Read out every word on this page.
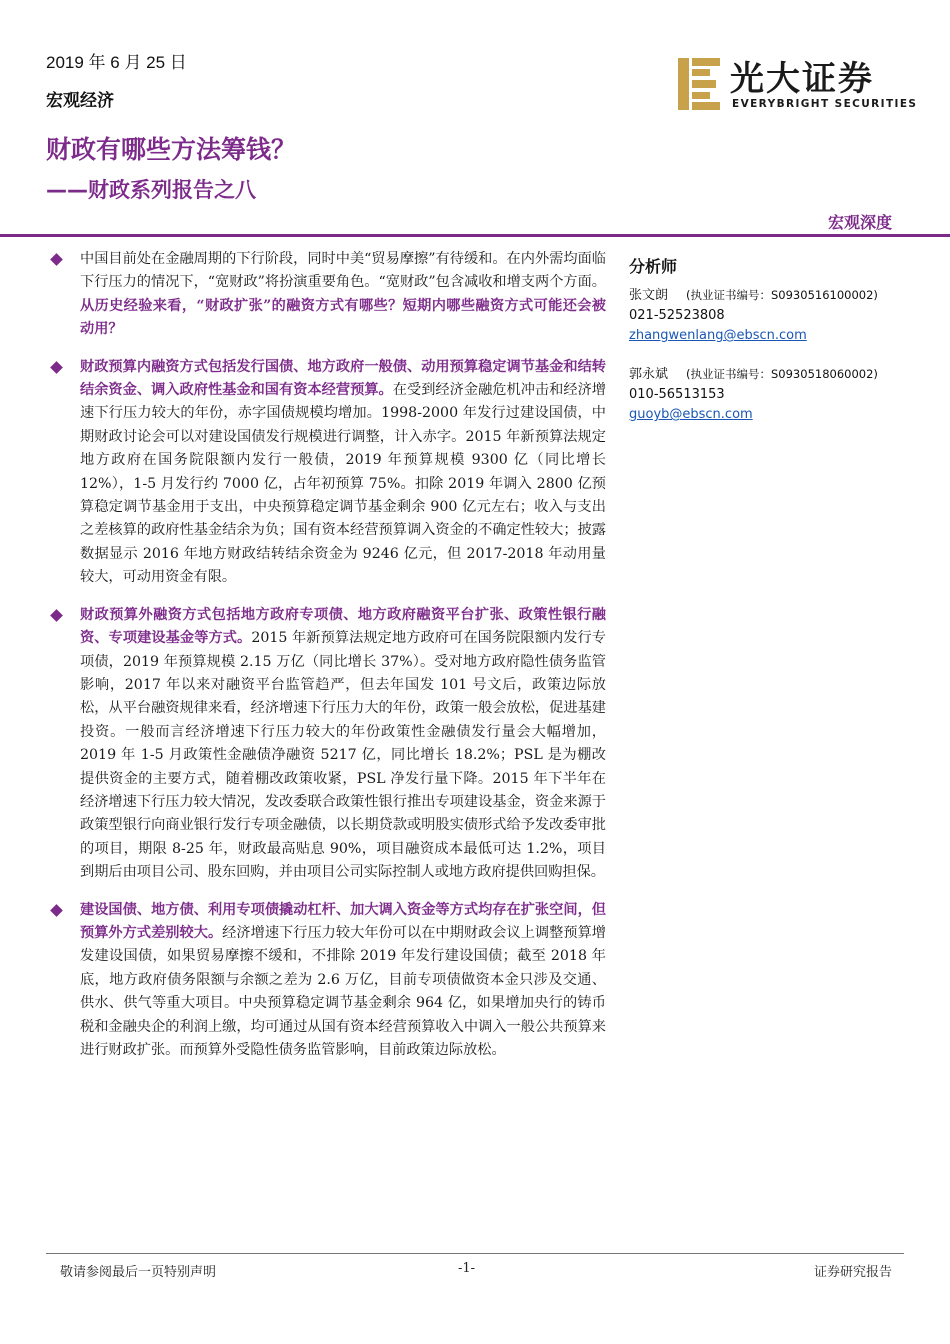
2019 年 6 月 25 日
宏观经济
光大证券
EVERYBRIGHT SECURITIES
财政有哪些方法筹钱？
——财政系列报告之八
宏观深度
中国目前处在金融周期的下行阶段，同时中美“贸易摩擦”有待缓和。在内外需均面临下行压力的情况下，“宽财政”将扮演重要角色。“宽财政”包含减收和增支两个方面。从历史经验来看，“财政扩张”的融资方式有哪些？短期内哪些融资方式可能还会被动用？
财政预算内融资方式包括发行国债、地方政府一般债、动用预算稳定调节基金和结转结余资金、调入政府性基金和国有资本经营预算。在受到经济金融危机冲击和经济增速下行压力较大的年份，赤字国债规模均增加。1998-2000 年发行过建设国债，中期财政讨论会可以对建设国债发行规模进行调整，计入赤字。2015 年新预算法规定地方政府在国务院限额内发行一般债，2019 年预算规模 9300 亿（同比增长 12%），1-5 月发行约 7000 亿，占年初预算 75%。扣除 2019 年调入 2800 亿预算稳定调节基金用于支出，中央预算稳定调节基金剩余 900 亿元左右；收入与支出之差核算的政府性基金结余为负；国有资本经营预算调入资金的不确定性较大；披露数据显示 2016 年地方财政结转结余资金为 9246 亿元，但 2017-2018 年动用量较大，可动用资金有限。
财政预算外融资方式包括地方政府专项债、地方政府融资平台扩张、政策性银行融资、专项建设基金等方式。2015 年新预算法规定地方政府可在国务院限额内发行专项债，2019 年预算规模 2.15 万亿（同比增长 37%）。受对地方政府隐性债务监管影响，2017 年以来对融资平台监管趋严，但去年国发 101 号文后，政策边际放松，从平台融资规律来看，经济增速下行压力大的年份，政策一般会放松，促进基建投资。一般而言经济增速下行压力较大的年份政策性金融债发行量会大幅增加，2019 年 1-5 月政策性金融债净融资 5217 亿，同比增长 18.2%；PSL 是为棚改提供资金的主要方式，随着棚改政策收紧，PSL 净发行量下降。2015 年下半年在经济增速下行压力较大情况，发改委联合政策性银行推出专项建设基金，资金来源于政策型银行向商业银行发行专项金融债，以长期贷款或明股实债形式给予发改委审批的项目，期限 8-25 年，财政最高贴息 90%，项目融资成本最低可达 1.2%，项目到期后由项目公司、股东回购，并由项目公司实际控制人或地方政府提供回购担保。
建设国债、地方债、利用专项债撬动杠杆、加大调入资金等方式均存在扩张空间，但预算外方式差别较大。经济增速下行压力较大年份可以在中期财政会议上调整预算增发建设国债，如果贸易摩擦不缓和，不排除 2019 年发行建设国债；截至 2018 年底，地方政府债务限额与余额之差为 2.6 万亿，目前专项债做资本金只涉及交通、供水、供气等重大项目。中央预算稳定调节基金剩余 964 亿，如果增加央行的铸币税和金融央企的利润上缴，均可通过从国有资本经营预算收入中调入一般公共预算来进行财政扩张。而预算外受隐性债务监管影响，目前政策边际放松。
分析师
张文朗 (执业证书编号：S0930516100002)
021-52523808
zhangwenlang@ebscn.com
郭永斌 (执业证书编号：S0930518060002)
010-56513153
guoyb@ebscn.com
敬请参阅最后一页特别声明	-1-	证券研究报告
